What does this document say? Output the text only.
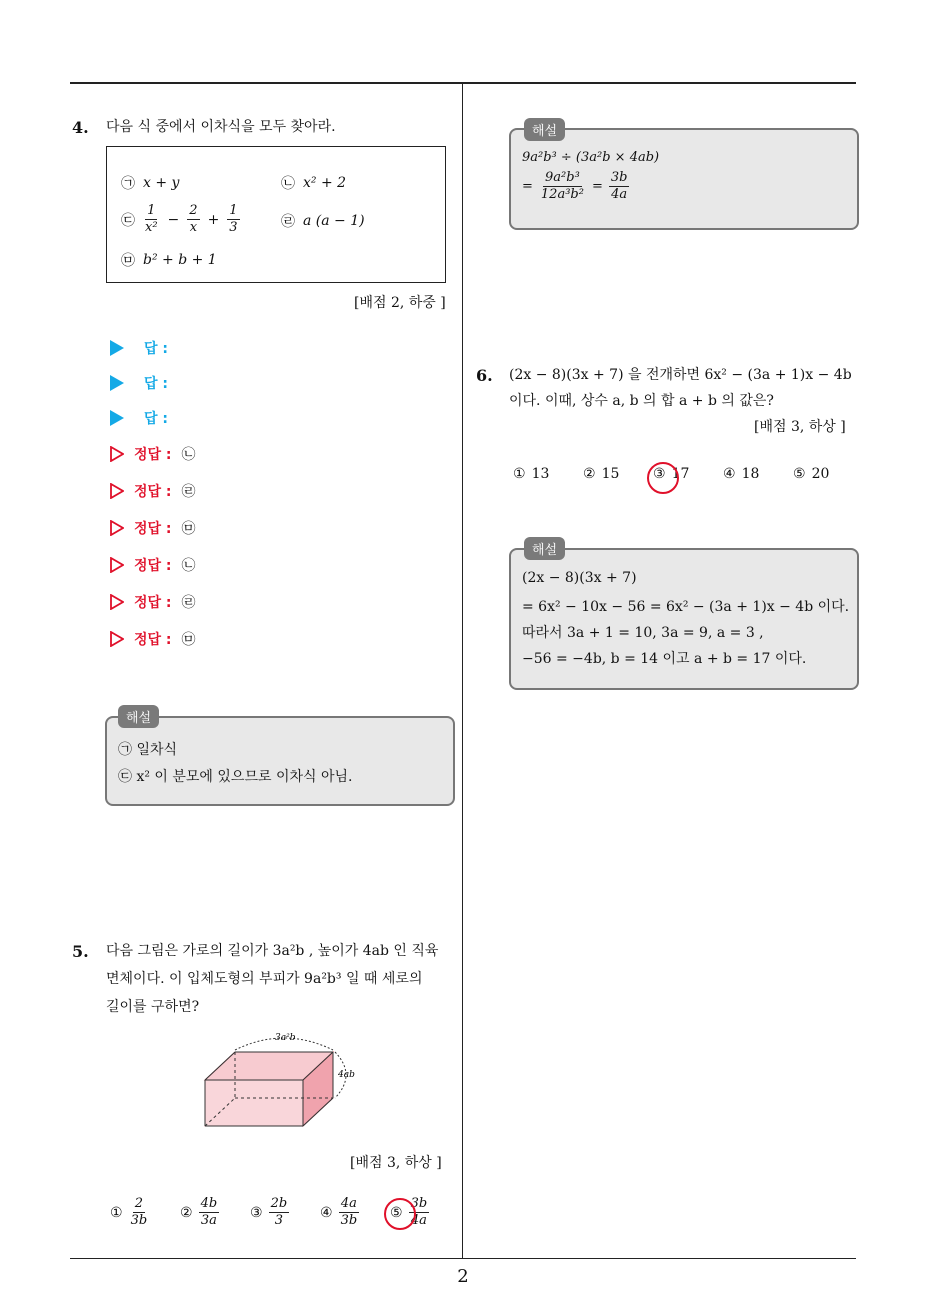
4. 다음 식 중에서 이차식을 모두 찾아라.
㉠ x + y	㉡ x² + 2
㉢ $\frac{1}{\text{x²}} - \frac{2}{x} + \frac{1}{3}$	㉣ a (a − 1)
㉤ b² + b + 1
[배점 2, 하중 ]
답 :
답 :
답 :
정답 : ㉡
정답 : ㉣
정답 : ㉤
정답 : ㉡
정답 : ㉣
정답 : ㉤
해설
㉠ 일차식
㉢ x² 이 분모에 있으므로 이차식 아님.
5. 다음 그림은 가로의 길이가 3a²b , 높이가 4ab 인 직육
면체이다. 이 입체도형의 부피가 9a²b³ 일 때 세로의
길이를 구하면?
3a²b
4ab
[배점 3, 하상 ]
① $\frac{2}{3b}$ ② $\frac{4b}{3a}$ ③ $\frac{2b}{3}$ ④ $\frac{4a}{3b}$ ⑤ $\frac{3b}{4a}$
해설
9a²b³ ÷ (3a²b × 4ab)
= $\frac{\text{9a²b³}}{\text{12a³b²}} = \frac{3b}{4a}$
6. (2x − 8)(3x + 7) 을 전개하면 6x² − (3a + 1)x − 4b
이다. 이때, 상수 a, b 의 합 a + b 의 값은?
[배점 3, 하상 ]
① 13 ② 15 ③ 17 ④ 18 ⑤ 20
해설
(2x − 8)(3x + 7)
= 6x² − 10x − 56 = 6x² − (3a + 1)x − 4b 이다.
따라서 3a + 1 = 10, 3a = 9, a = 3 ,
−56 = −4b, b = 14 이고 a + b = 17 이다.
2
